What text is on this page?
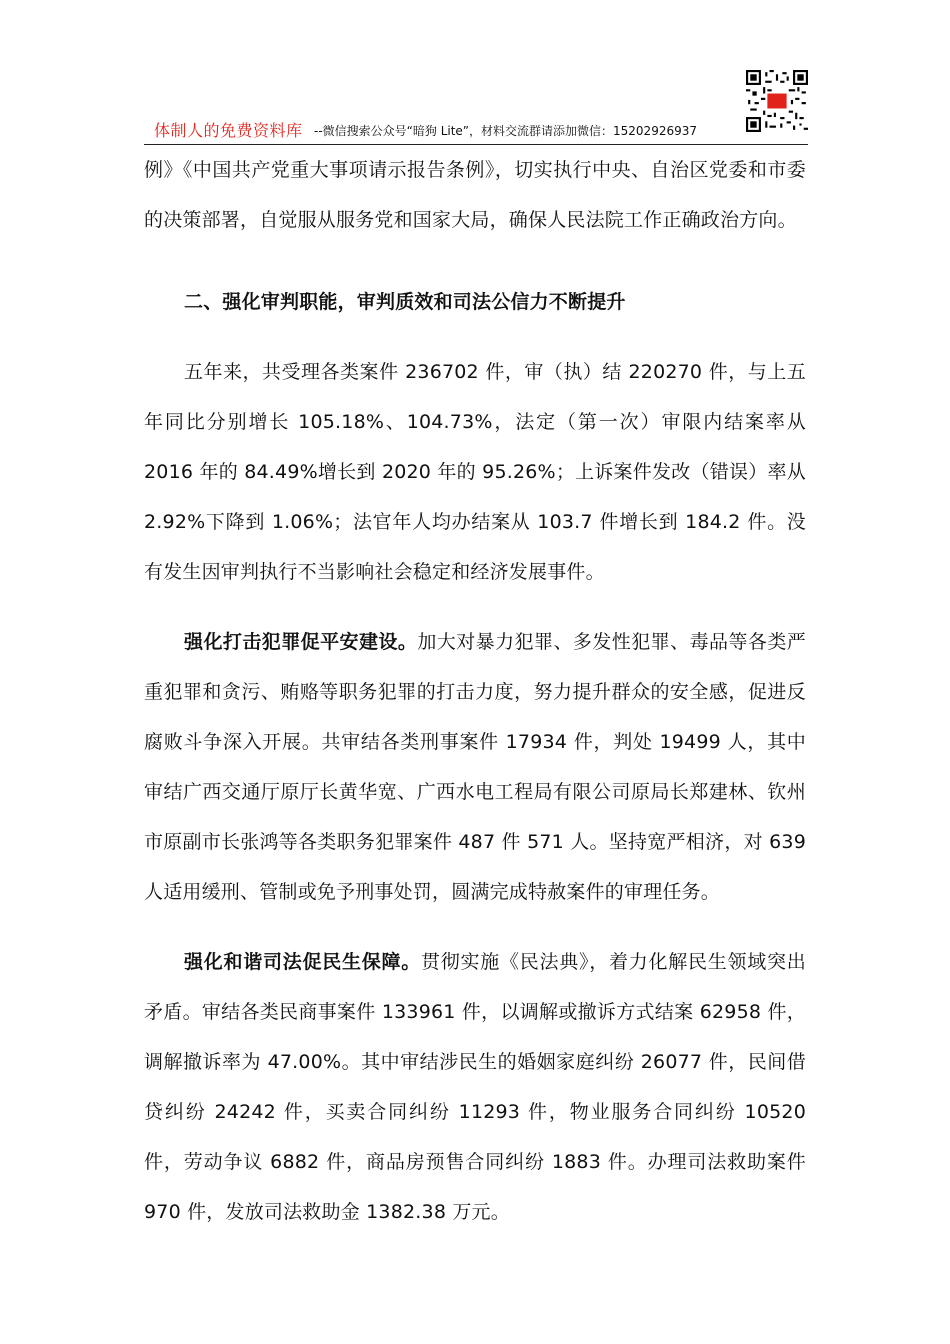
体制人的免费资料库 --微信搜索公众号“暗狗 Lite”，材料交流群请添加微信：15202926937

例》《中国共产党重大事项请示报告条例》，切实执行中央、自治区党委和市委的决策部署，自觉服从服务党和国家大局，确保人民法院工作正确政治方向。

二、强化审判职能，审判质效和司法公信力不断提升

五年来，共受理各类案件 236702 件，审（执）结 220270 件，与上五年同比分别增长 105.18%、104.73%，法定（第一次）审限内结案率从 2016 年的 84.49%增长到 2020 年的 95.26%；上诉案件发改（错误）率从 2.92%下降到 1.06%；法官年人均办结案从 103.7 件增长到 184.2 件。没有发生因审判执行不当影响社会稳定和经济发展事件。

强化打击犯罪促平安建设。加大对暴力犯罪、多发性犯罪、毒品等各类严重犯罪和贪污、贿赂等职务犯罪的打击力度，努力提升群众的安全感，促进反腐败斗争深入开展。共审结各类刑事案件 17934 件，判处 19499 人，其中审结广西交通厅原厅长黄华宽、广西水电工程局有限公司原局长郑建林、钦州市原副市长张鸿等各类职务犯罪案件 487 件 571 人。坚持宽严相济，对 639 人适用缓刑、管制或免予刑事处罚，圆满完成特赦案件的审理任务。

强化和谐司法促民生保障。贯彻实施《民法典》，着力化解民生领域突出矛盾。审结各类民商事案件 133961 件，以调解或撤诉方式结案 62958 件，调解撤诉率为 47.00%。其中审结涉民生的婚姻家庭纠纷 26077 件，民间借贷纠纷 24242 件，买卖合同纠纷 11293 件，物业服务合同纠纷 10520 件，劳动争议 6882 件，商品房预售合同纠纷 1883 件。办理司法救助案件 970 件，发放司法救助金 1382.38 万元。
